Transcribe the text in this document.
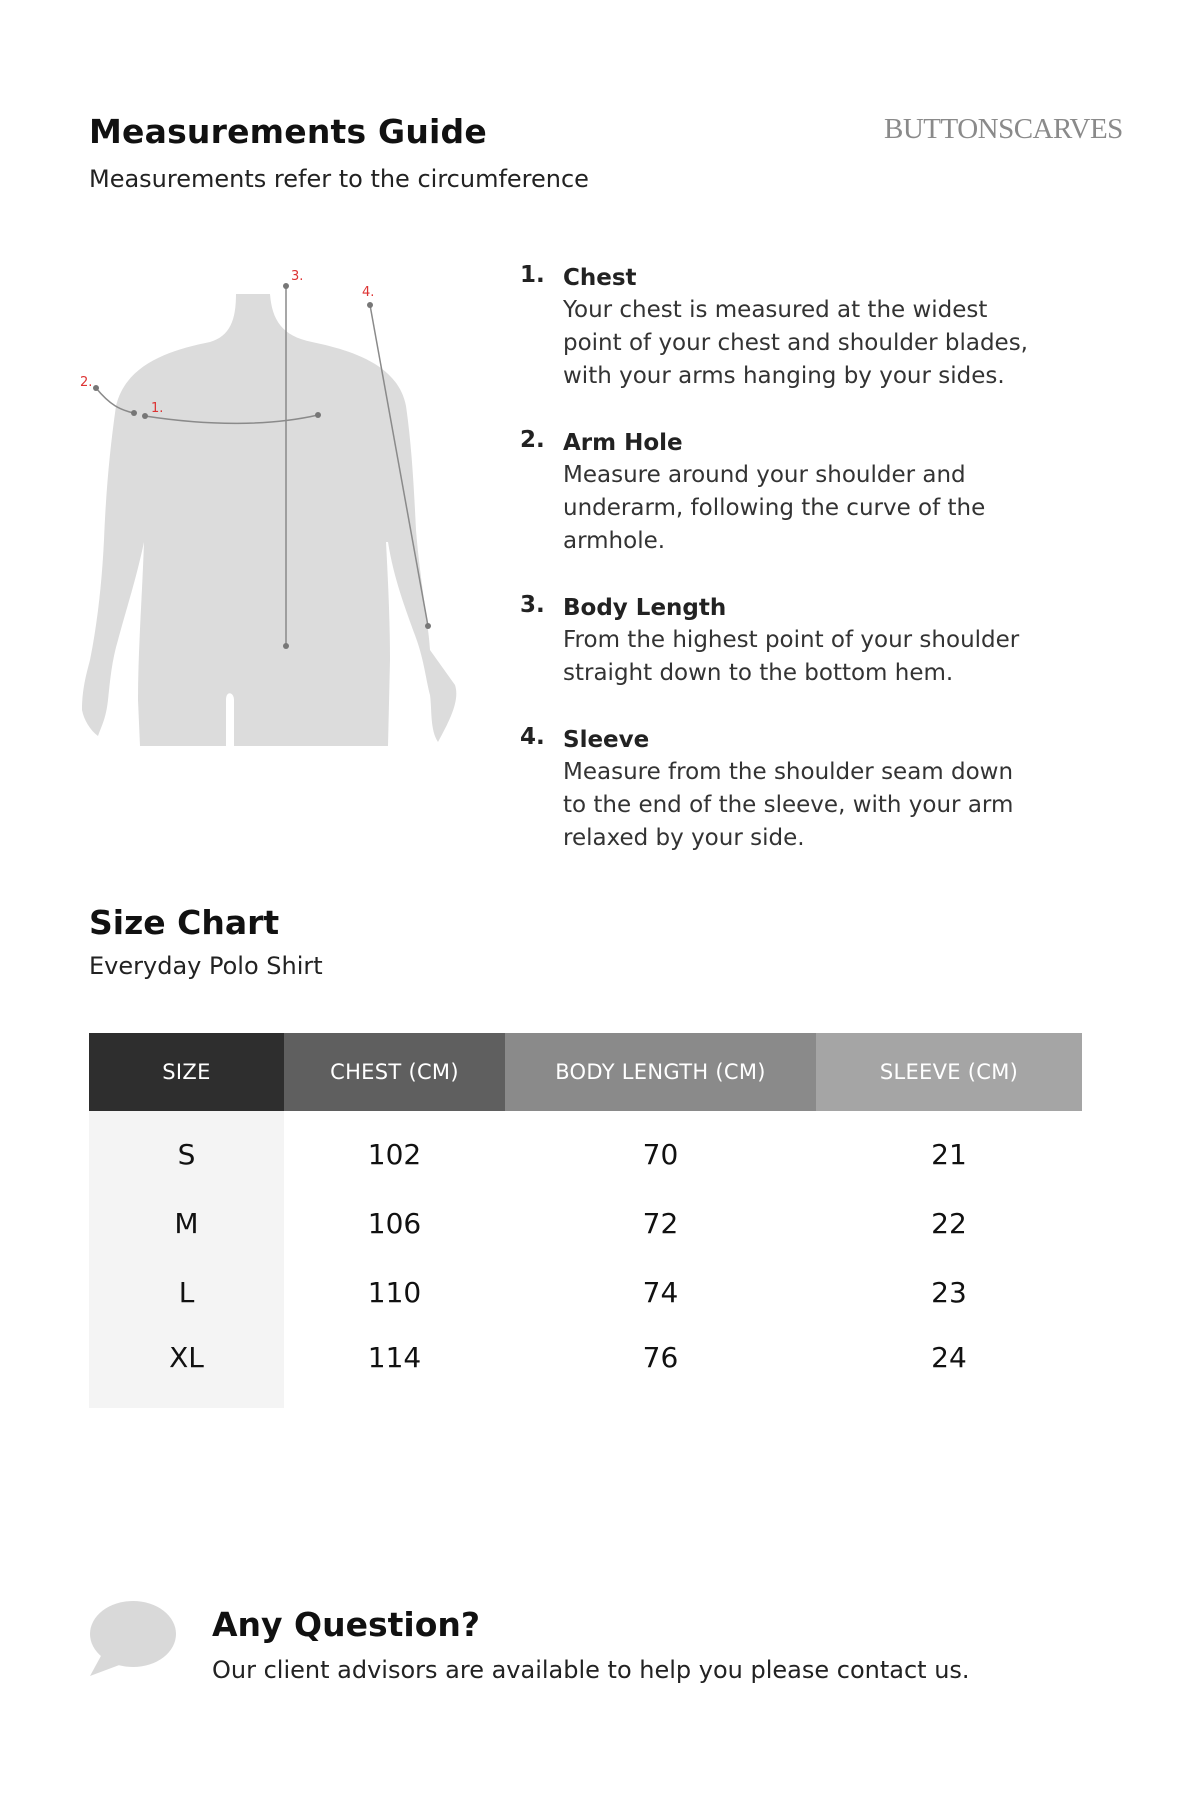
Measurements Guide
Measurements refer to the circumference
BUTTONSCARVES
1.
2.
3.
4.
1. Chest
Your chest is measured at the widest
point of your chest and shoulder blades,
with your arms hanging by your sides.
2. Arm Hole
Measure around your shoulder and
underarm, following the curve of the
armhole.
3. Body Length
From the highest point of your shoulder
straight down to the bottom hem.
4. Sleeve
Measure from the shoulder seam down
to the end of the sleeve, with your arm
relaxed by your side.
Size Chart
Everyday Polo Shirt
SIZE	CHEST (CM)	BODY LENGTH (CM)	SLEEVE (CM)
S	102	70	21
M	106	72	22
L	110	74	23
XL	114	76	24
Any Question?
Our client advisors are available to help you please contact us.
